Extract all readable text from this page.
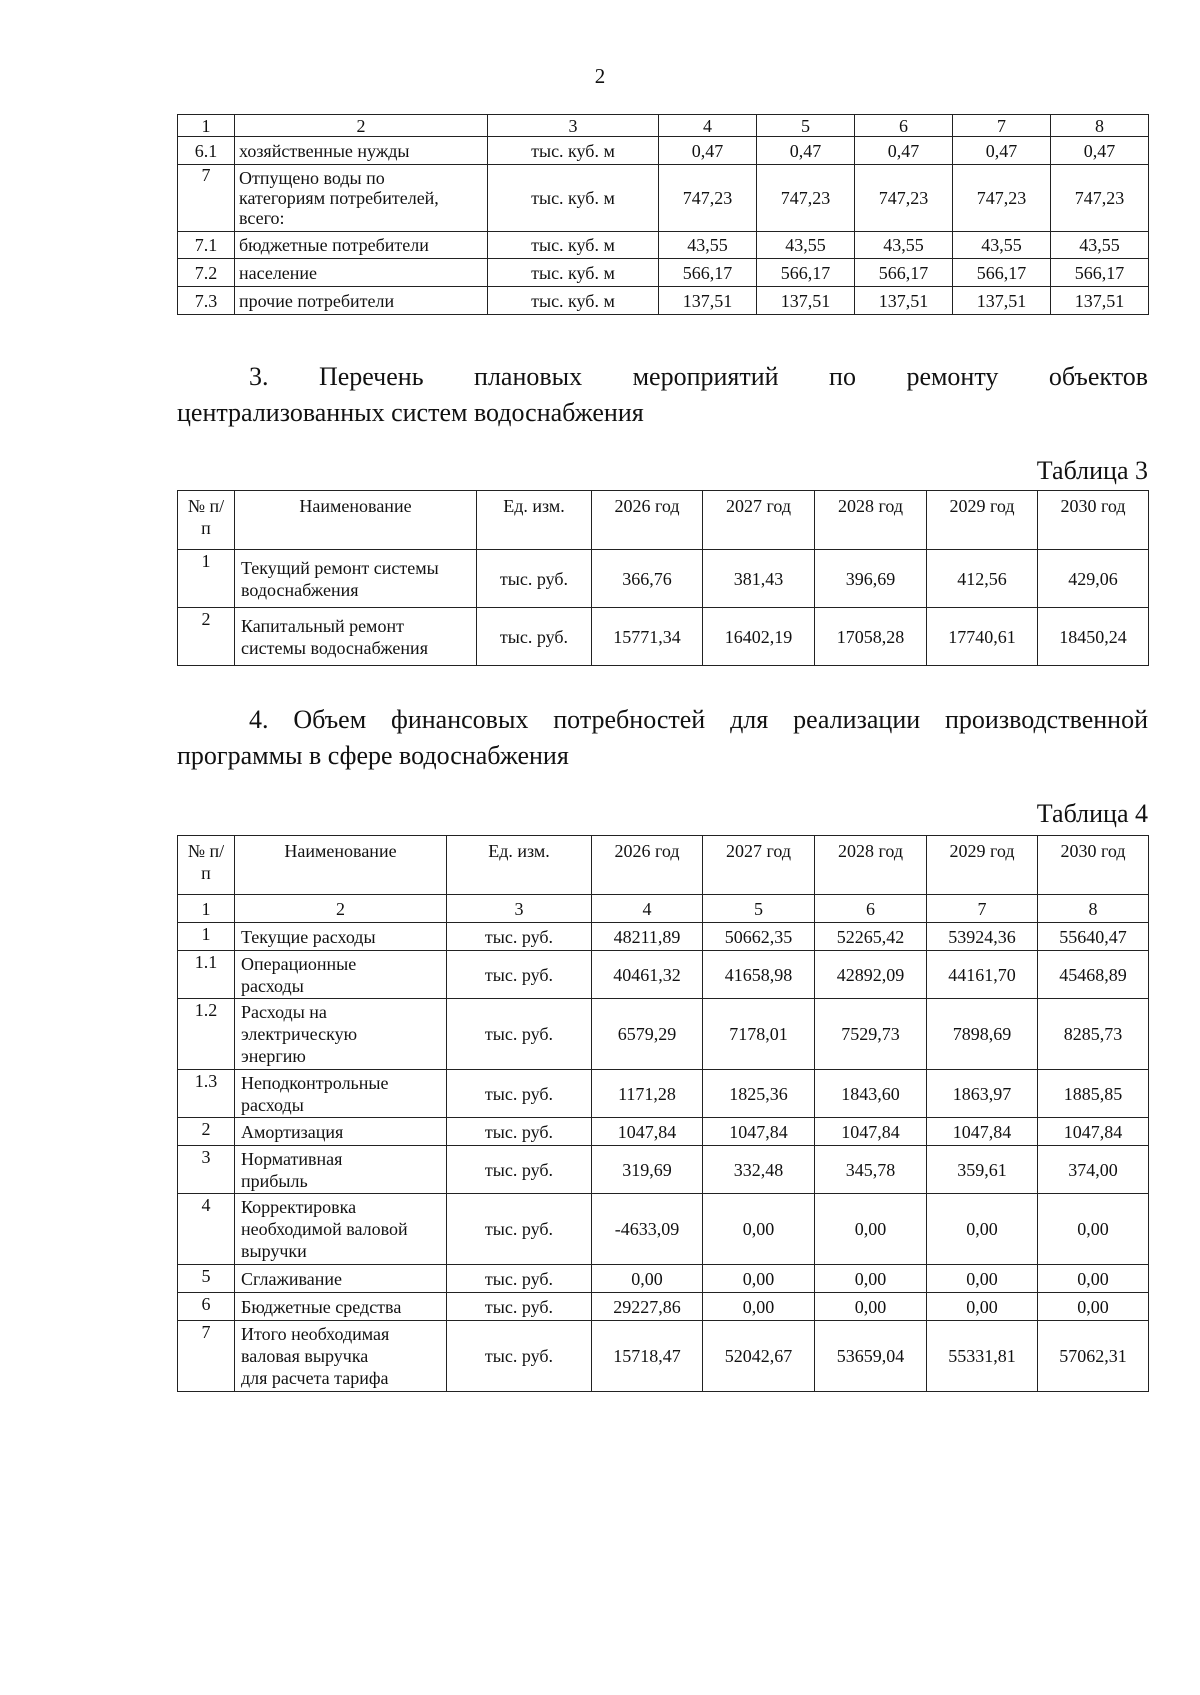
2
1	2	3	4	5	6	7	8
6.1	хозяйственные нужды	тыс. куб. м	0,47	0,47	0,47	0,47	0,47
7	Отпущено воды по
категориям потребителей,
всего:	тыс. куб. м	747,23	747,23	747,23	747,23	747,23
7.1	бюджетные потребители	тыс. куб. м	43,55	43,55	43,55	43,55	43,55
7.2	население	тыс. куб. м	566,17	566,17	566,17	566,17	566,17
7.3	прочие потребители	тыс. куб. м	137,51	137,51	137,51	137,51	137,51
3. Перечень плановых мероприятий по ремонту объектов
централизованных систем водоснабжения
Таблица 3
№ п/п	Наименование	Ед. изм.	2026 год	2027 год	2028 год	2029 год	2030 год
1	Текущий ремонт системы
водоснабжения	тыс. руб.	366,76	381,43	396,69	412,56	429,06
2	Капитальный ремонт
системы водоснабжения	тыс. руб.	15771,34	16402,19	17058,28	17740,61	18450,24
4. Объем финансовых потребностей для реализации производственной
программы в сфере водоснабжения
Таблица 4
№ п/п	Наименование	Ед. изм.	2026 год	2027 год	2028 год	2029 год	2030 год
1	2	3	4	5	6	7	8
1	Текущие расходы	тыс. руб.	48211,89	50662,35	52265,42	53924,36	55640,47
1.1	Операционные
расходы	тыс. руб.	40461,32	41658,98	42892,09	44161,70	45468,89
1.2	Расходы на
электрическую
энергию	тыс. руб.	6579,29	7178,01	7529,73	7898,69	8285,73
1.3	Неподконтрольные
расходы	тыс. руб.	1171,28	1825,36	1843,60	1863,97	1885,85
2	Амортизация	тыс. руб.	1047,84	1047,84	1047,84	1047,84	1047,84
3	Нормативная
прибыль	тыс. руб.	319,69	332,48	345,78	359,61	374,00
4	Корректировка
необходимой валовой
выручки	тыс. руб.	-4633,09	0,00	0,00	0,00	0,00
5	Сглаживание	тыс. руб.	0,00	0,00	0,00	0,00	0,00
6	Бюджетные средства	тыс. руб.	29227,86	0,00	0,00	0,00	0,00
7	Итого необходимая
валовая выручка
для расчета тарифа	тыс. руб.	15718,47	52042,67	53659,04	55331,81	57062,31
